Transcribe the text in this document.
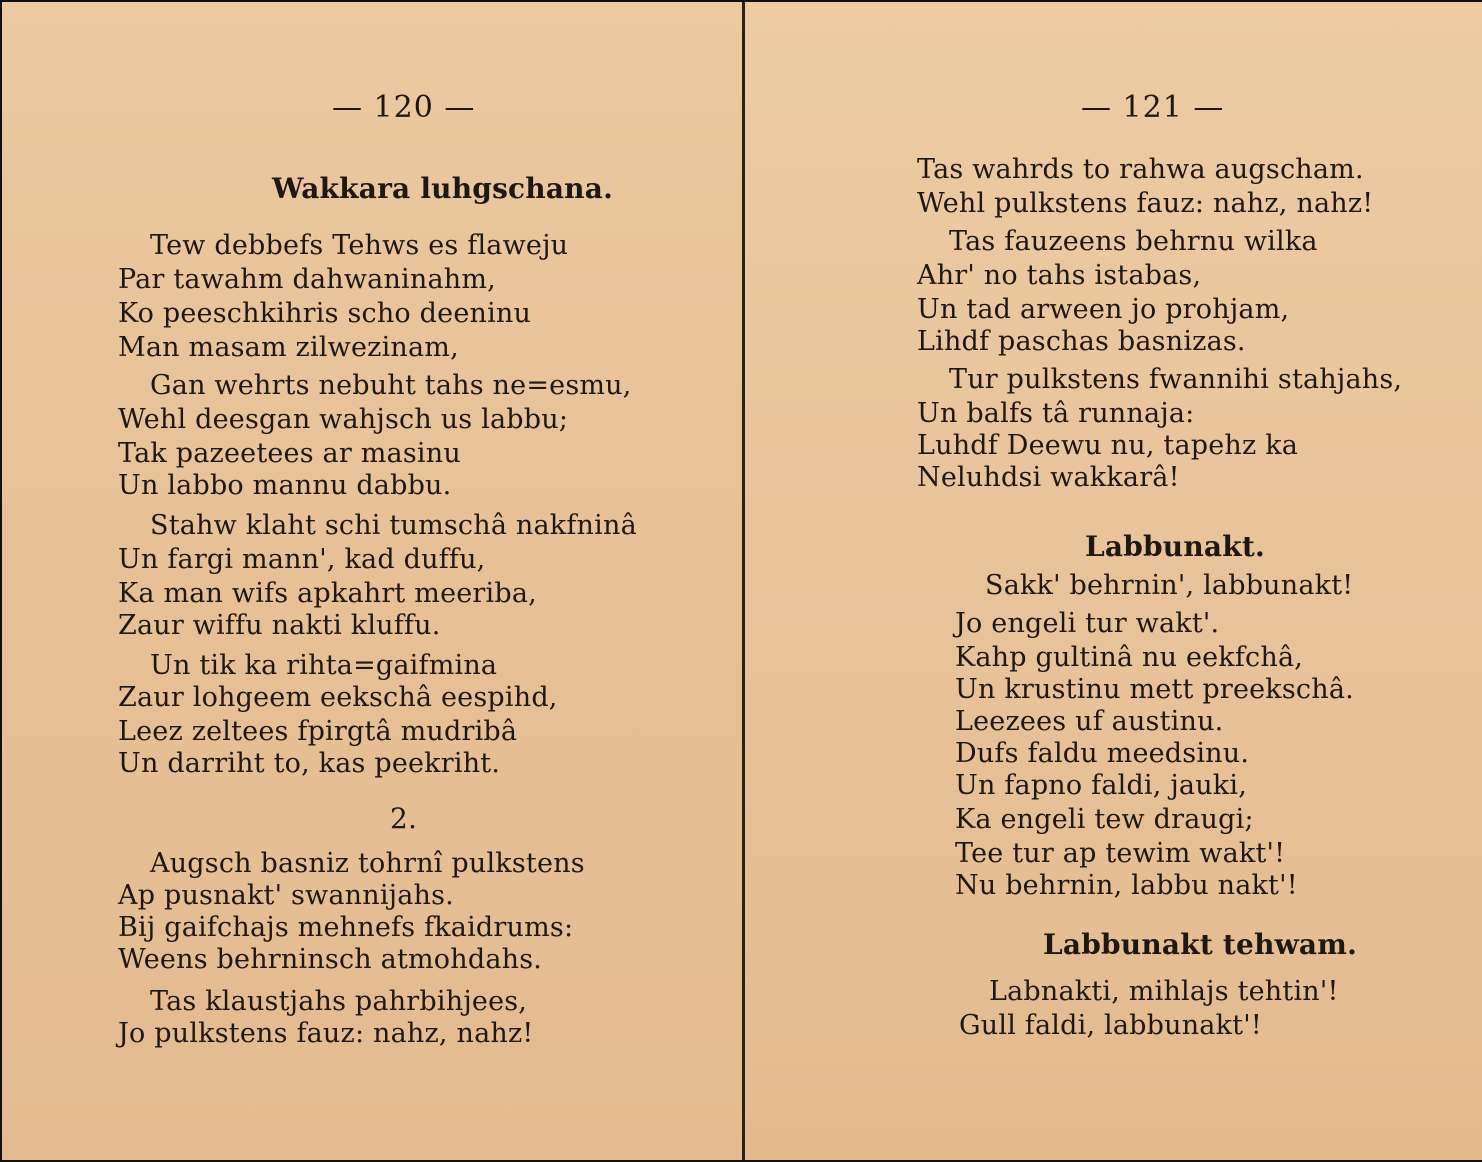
— 120 —
Wakkara luhgschana.
Tew debbefs Tehws es flaweju
Par tawahm dahwaninahm,
Ko peeschkihris scho deeninu
Man masam zilwezinam,
Gan wehrts nebuht tahs ne=esmu,
Wehl deesgan wahjsch us labbu;
Tak pazeetees ar masinu
Un labbo mannu dabbu.
Stahw klaht schi tumschâ nakfninâ
Un fargi mann', kad duffu,
Ka man wifs apkahrt meeriba,
Zaur wiffu nakti kluffu.
Un tik ka rihta=gaifmina
Zaur lohgeem eekschâ eespihd,
Leez zeltees fpirgtâ mudribâ
Un darriht to, kas peekriht.
2.
Augsch basniz tohrnî pulkstens
Ap pusnakt' swannijahs.
Bij gaifchajs mehnefs fkaidrums:
Weens behrninsch atmohdahs.
Tas klaustjahs pahrbihjees,
Jo pulkstens fauz: nahz, nahz!
— 121 —
Tas wahrds to rahwa augscham.
Wehl pulkstens fauz: nahz, nahz!
Tas fauzeens behrnu wilka
Ahr' no tahs istabas,
Un tad arween jo prohjam,
Lihdf paschas basnizas.
Tur pulkstens fwannihi stahjahs,
Un balfs tâ runnaja:
Luhdf Deewu nu, tapehz ka
Neluhdsi wakkarâ!
Labbunakt.
Sakk' behrnin', labbunakt!
Jo engeli tur wakt'.
Kahp gultinâ nu eekfchâ,
Un krustinu mett preekschâ.
Leezees uf austinu.
Dufs faldu meedsinu.
Un fapno faldi, jauki,
Ka engeli tew draugi;
Tee tur ap tewim wakt'!
Nu behrnin, labbu nakt'!
Labbunakt tehwam.
Labnakti, mihlajs tehtin'!
Gull faldi, labbunakt'!
